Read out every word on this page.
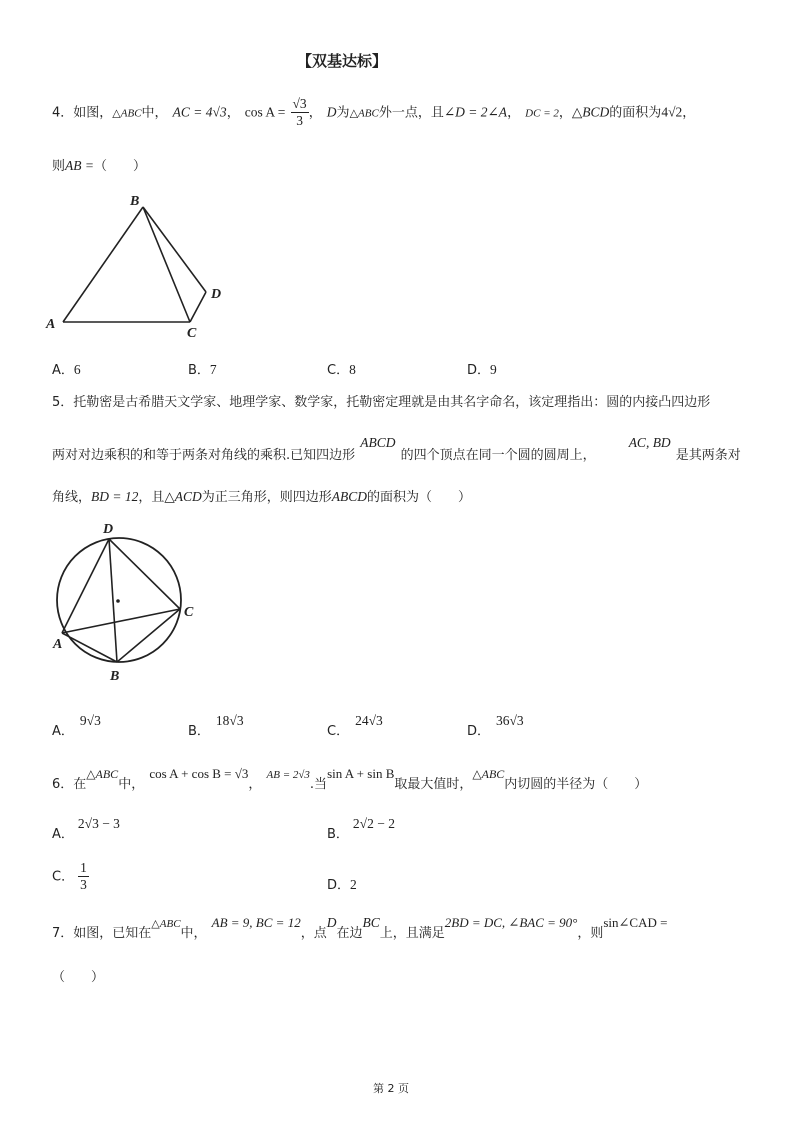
【双基达标】
4．如图，△ABC中， AC = 4√3， $\cos A = \frac{√3}{3}$ ， D为△ABC外一点，且∠D = 2∠A， DC = 2，△BCD的面积为4√2，
则AB =（　　）
A
B
C
D
A．6	B．7	C．8	D．9
5．托勒密是古希腊天文学家、地理学家、数学家，托勒密定理就是由其名字命名，该定理指出：圆的内接凸四边形
$_{两对对边乘积的和等于两条对角线的乘积.已知四边形}$ ABCD $_{的四个顶点在同一个圆的圆周上,}$ AC, BD $_{是其两条对}$
角线，BD = 12，且△ACD为正三角形，则四边形ABCD的面积为（　　）
D
C
A
B
$_{A.}$9√3
$_{B.}$18√3
$_{C.}$24√3
$_{D.}$36√3
$_{6.在}\triangle ABC_{中,}$ $\cos A + \cos B = √3_,$ AB = $2√3_{.当}\sin$ $A + \sin B_{取最大值时,}\triangle ABC_{内切圆的半径为( )}$
$_{A.}$2√3 − 3
$_{B.}$2√2 − 2
C． $\frac{1}{3}$	D．2
$_{7.如图,已知在}\triangle ABC_{中,}$ AB = 9, BC = $12_{,点}D_{在边}BC_{上,且满足}2BD$ = DC, ∠BAC = $90^\circ_{,则}\sin\angle CAD$ =
（　　）
第 2 页
